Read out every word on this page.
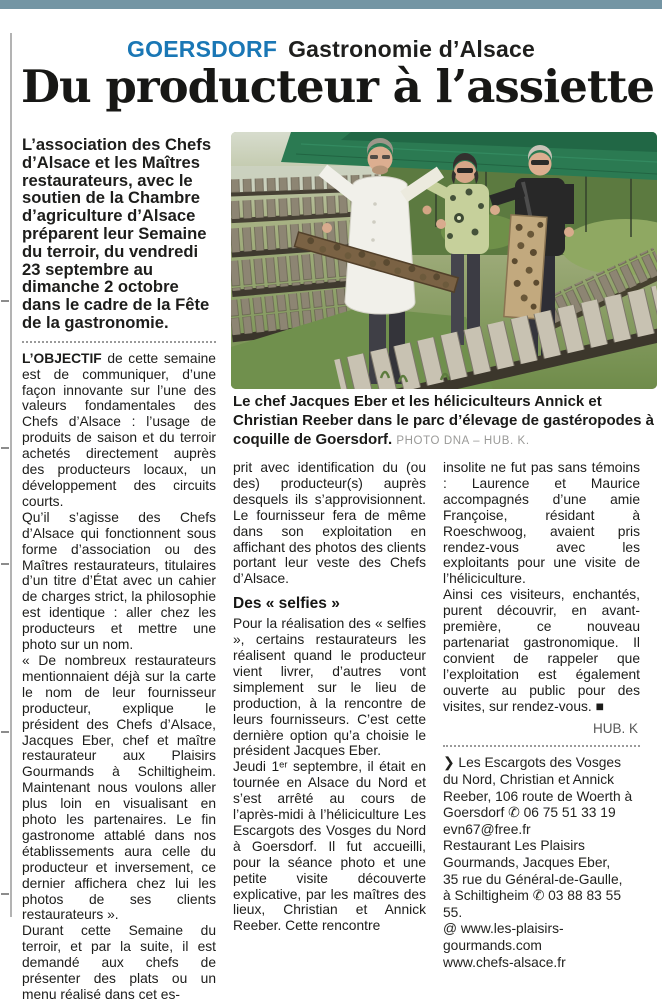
GOERSDORF Gastronomie d’Alsace
Du producteur à l’assiette
L’association des Chefs d’Alsace et les Maîtres restaurateurs, avec le soutien de la Chambre d’agriculture d’Alsace préparent leur Semaine du terroir, du vendredi 23 septembre au dimanche 2 octobre dans le cadre de la Fête de la gastronomie.

L’OBJECTIF de cette semaine est de communiquer, d’une façon innovante sur l’une des valeurs fondamentales des Chefs d’Alsace : l’usage de produits de saison et du terroir achetés directement auprès des producteurs locaux, un développement des circuits courts.

Qu’il s’agisse des Chefs d’Alsace qui fonctionnent sous forme d’association ou des Maîtres restaurateurs, titulaires d’un titre d’État avec un cahier de charges strict, la philosophie est identique : aller chez les producteurs et mettre une photo sur un nom.

« De nombreux restaurateurs mentionnaient déjà sur la carte le nom de leur fournisseur producteur, explique le président des Chefs d’Alsace, Jacques Eber, chef et maître restaurateur aux Plaisirs Gourmands à Schiltigheim. Maintenant nous voulons aller plus loin en visualisant en photo les partenaires. Le fin gastronome attablé dans nos établissements aura celle du producteur et inversement, ce dernier affichera chez lui les photos de ses clients restaurateurs ».

Durant cette Semaine du terroir, et par la suite, il est demandé aux chefs de présenter des plats ou un menu réalisé dans cet es-

Le chef Jacques Eber et les héliciculteurs Annick et Christian Reeber dans le parc d’élevage de gastéropodes à coquille de Goersdorf. PHOTO DNA – HUB. K.

prit avec identification du (ou des) producteur(s) auprès desquels ils s’approvisionnent. Le fournisseur fera de même dans son exploitation en affichant des photos des clients portant leur veste des Chefs d’Alsace.

Des « selfies »

Pour la réalisation des « selfies », certains restaurateurs les réalisent quand le producteur vient livrer, d’autres vont simplement sur le lieu de production, à la rencontre de leurs fournisseurs. C’est cette dernière option qu’a choisie le président Jacques Eber.

Jeudi 1ᵉʳ septembre, il était en tournée en Alsace du Nord et s’est arrêté au cours de l’après-midi à l’héliciculture Les Escargots des Vosges du Nord à Goersdorf. Il fut accueilli, pour la séance photo et une petite visite découverte explicative, par les maîtres des lieux, Christian et Annick Reeber. Cette rencontre

insolite ne fut pas sans témoins : Laurence et Maurice accompagnés d’une amie Françoise, résidant à Roeschwoog, avaient pris rendez-vous avec les exploitants pour une visite de l’héliciculture.

Ainsi ces visiteurs, enchantés, purent découvrir, en avant-première, ce nouveau partenariat gastronomique. Il convient de rappeler que l’exploitation est également ouverte au public pour des visites, sur rendez-vous. ■

HUB. K

❯ Les Escargots des Vosges du Nord, Christian et Annick Reeber, 106 route de Woerth à Goersdorf ✆ 06 75 51 33 19 evn67@free.fr

Restaurant Les Plaisirs Gourmands, Jacques Eber,

35 rue du Général-de-Gaulle,

à Schiltigheim ✆ 03 88 83 55 55.

@ www.les-plaisirs-gourmands.com

www.chefs-alsace.fr
